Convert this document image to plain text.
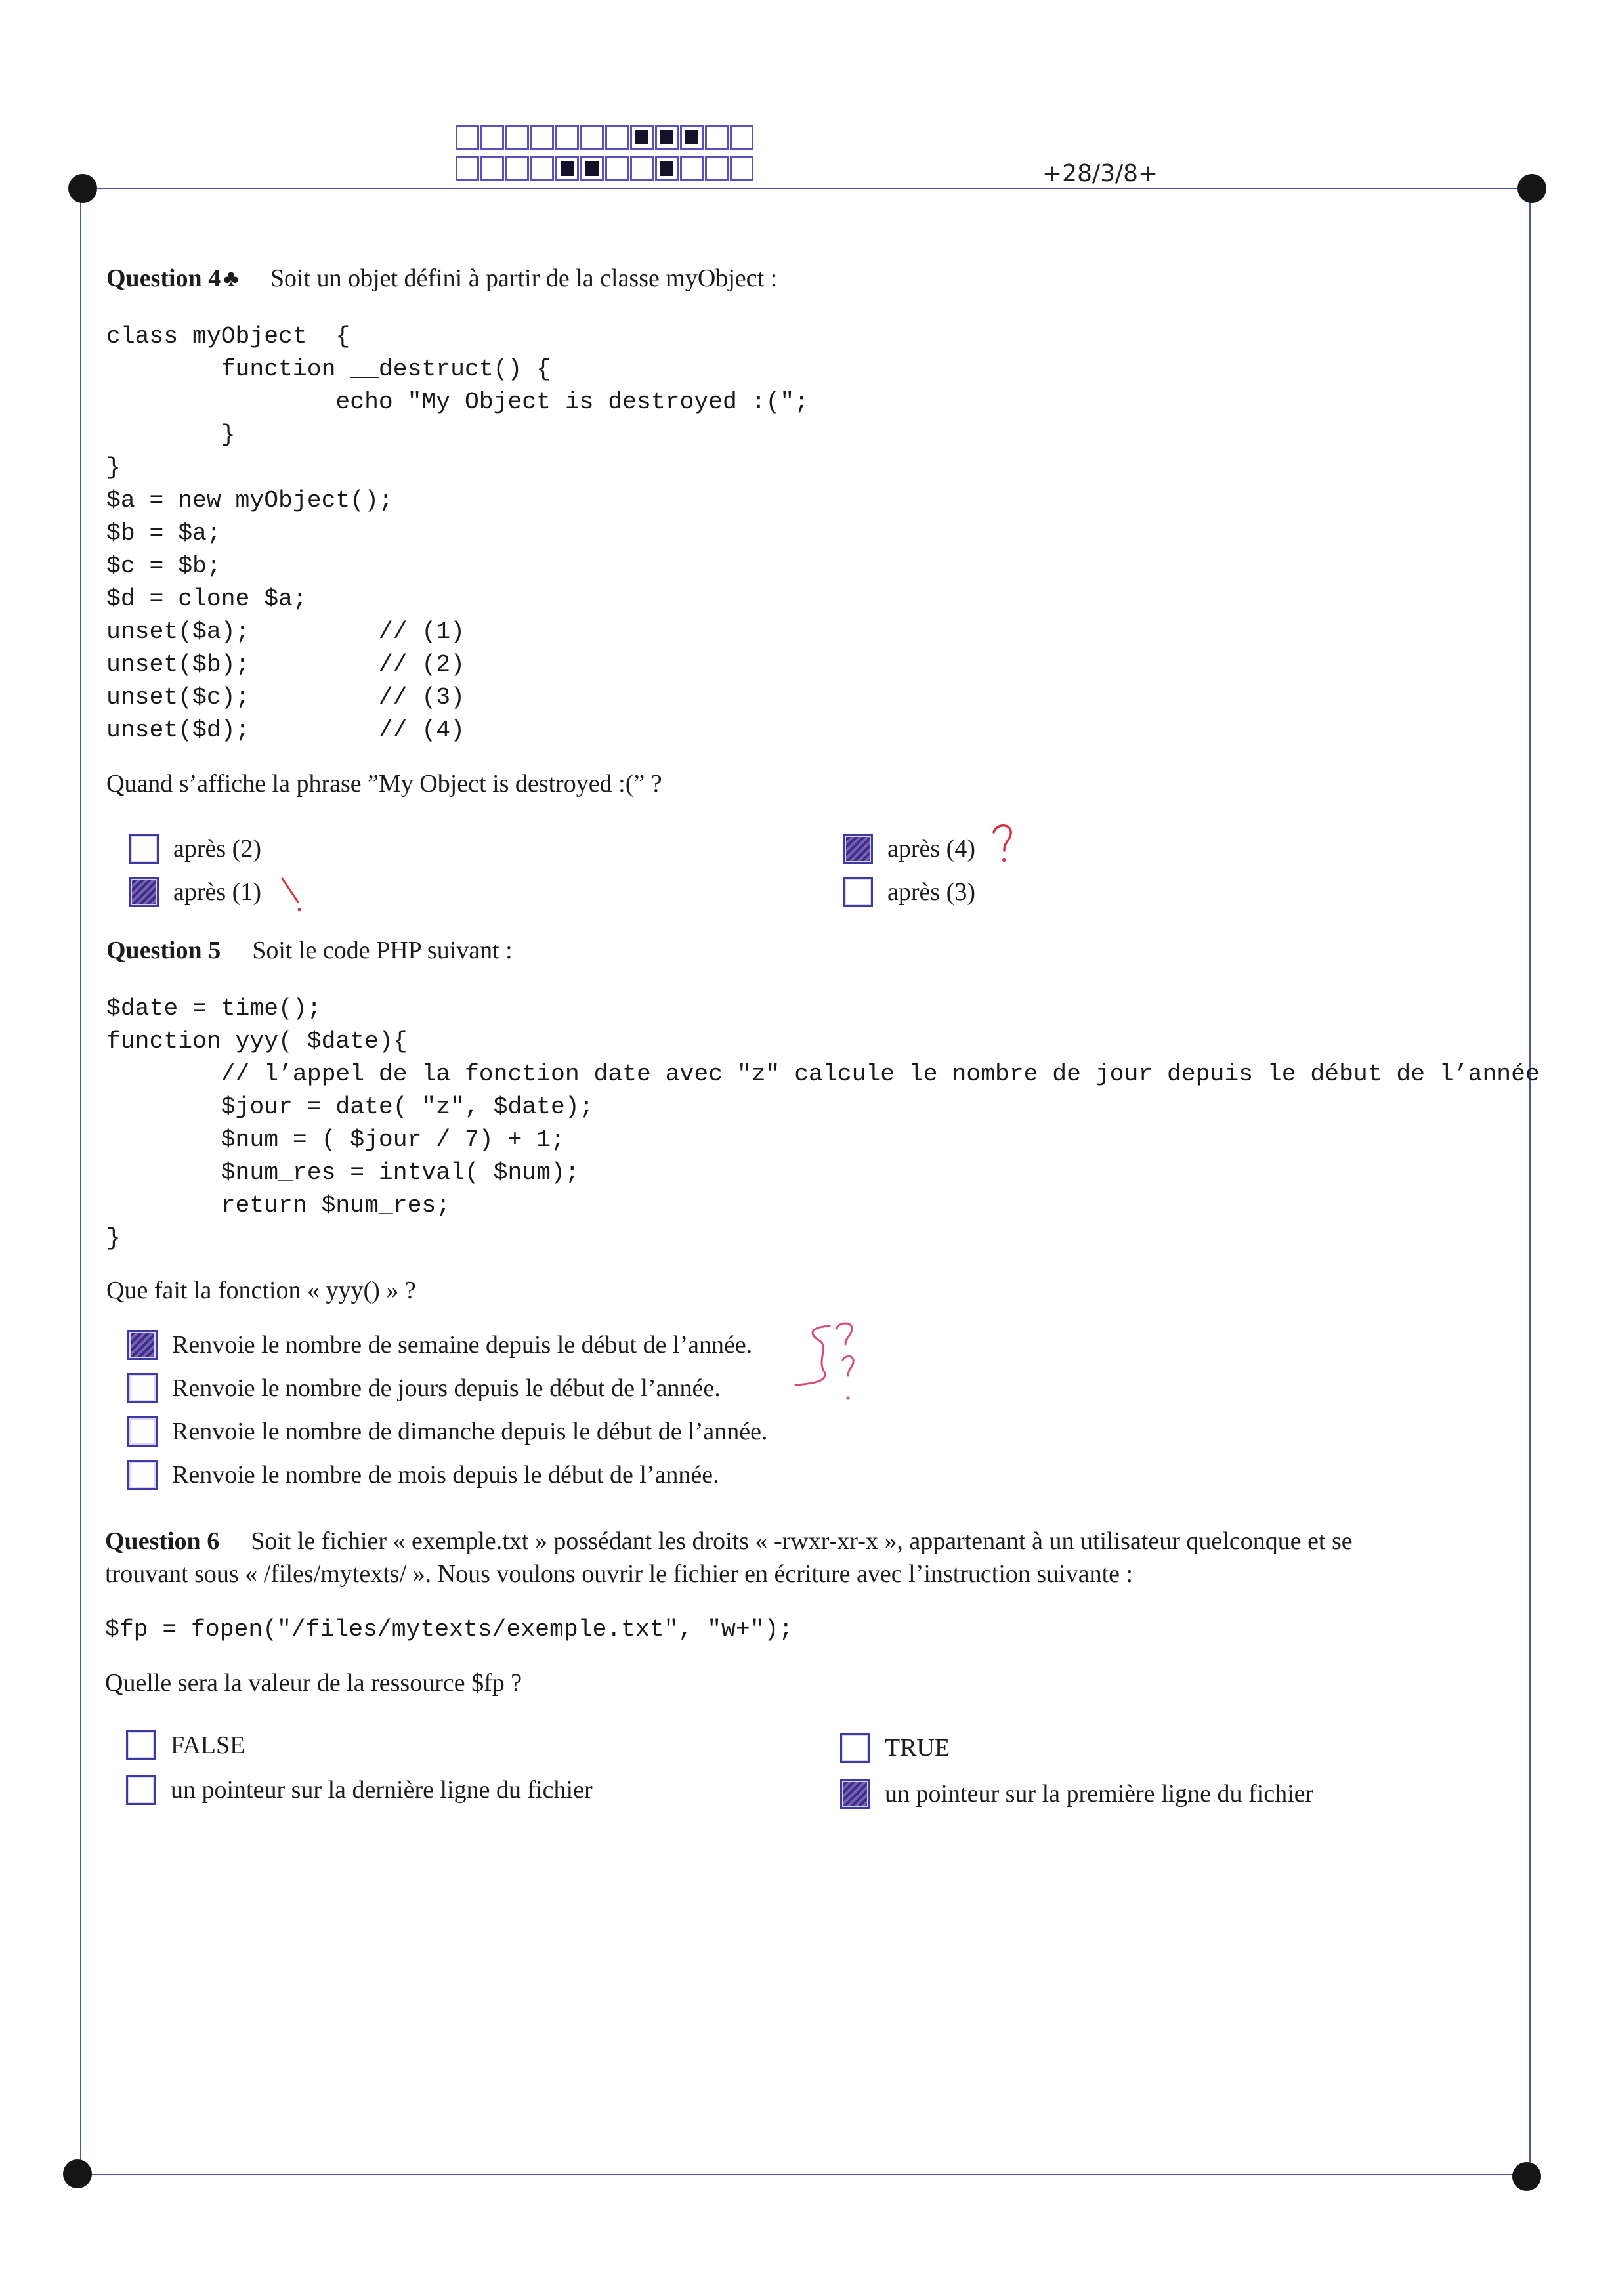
+28/3/8+
Question 4 ♣ Soit un objet défini à partir de la classe myObject :
class myObject  {
function __destruct() {
echo "My Object is destroyed :(";
}
}
$a = new myObject();
$b = $a;
$c = $b;
$d = clone $a;
unset($a);         // (1)
unset($b);         // (2)
unset($c);         // (3)
unset($d);         // (4)
Quand s’affiche la phrase ”My Object is destroyed :(” ?
après (2)
après (1)
après (4)
après (3)
Question 5 Soit le code PHP suivant :
$date = time();
function yyy( $date){
// l’appel de la fonction date avec "z" calcule le nombre de jour depuis le début de l’année
$jour = date( "z", $date);
$num = ( $jour / 7) + 1;
$num_res = intval( $num);
return $num_res;
}
Que fait la fonction « yyy() » ?
Renvoie le nombre de semaine depuis le début de l’année.
Renvoie le nombre de jours depuis le début de l’année.
Renvoie le nombre de dimanche depuis le début de l’année.
Renvoie le nombre de mois depuis le début de l’année.
Question 6 Soit le fichier « exemple.txt » possédant les droits « -rwxr-xr-x », appartenant à un utilisateur quelconque et se
trouvant sous « /files/mytexts/ ». Nous voulons ouvrir le fichier en écriture avec l’instruction suivante :
$fp = fopen("/files/mytexts/exemple.txt", "w+");
Quelle sera la valeur de la ressource $fp ?
FALSE
un pointeur sur la dernière ligne du fichier
TRUE
un pointeur sur la première ligne du fichier
